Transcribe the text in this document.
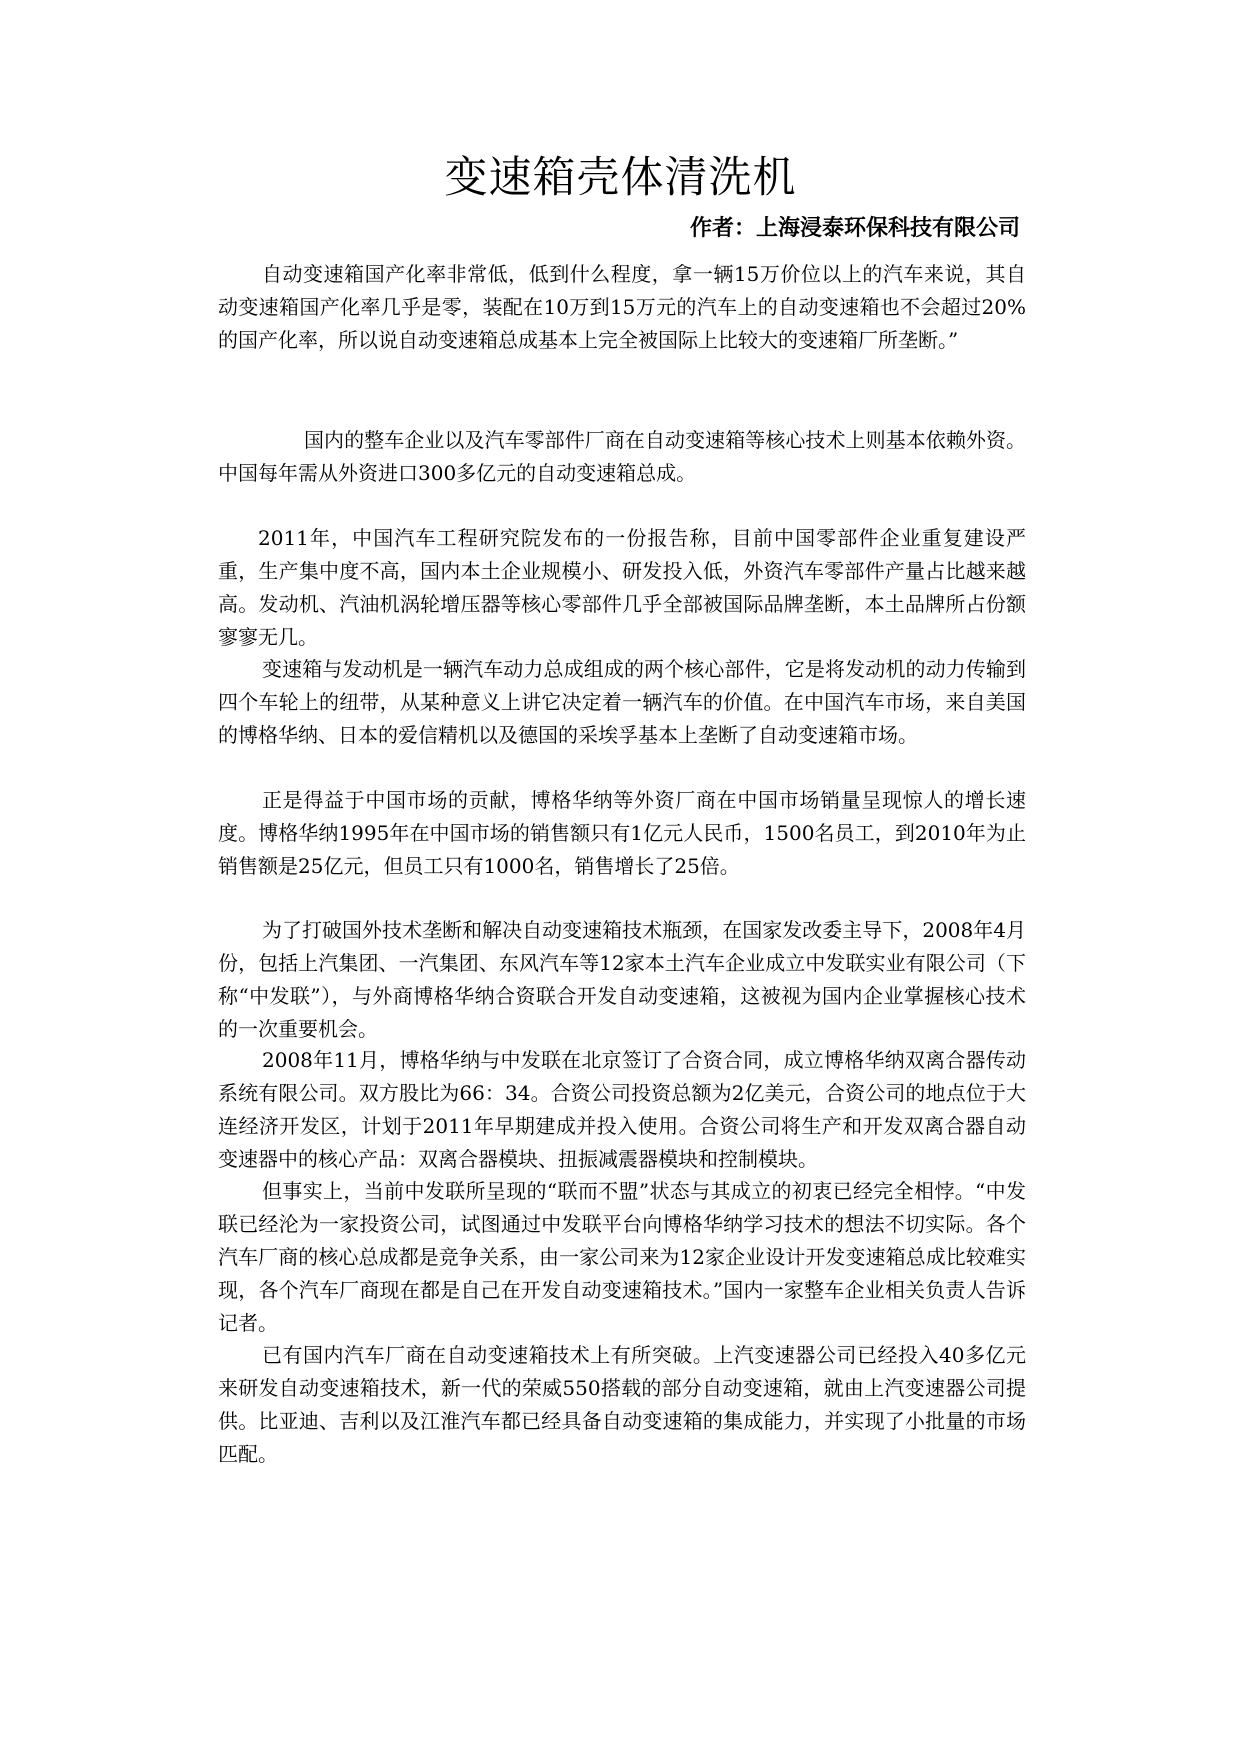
变速箱壳体清洗机

作者：上海浸泰环保科技有限公司

自动变速箱国产化率非常低，低到什么程度，拿一辆15万价位以上的汽车来说，其自动变速箱国产化率几乎是零，装配在10万到15万元的汽车上的自动变速箱也不会超过20%的国产化率，所以说自动变速箱总成基本上完全被国际上比较大的变速箱厂所垄断。”

国内的整车企业以及汽车零部件厂商在自动变速箱等核心技术上则基本依赖外资。中国每年需从外资进口300多亿元的自动变速箱总成。

2011年，中国汽车工程研究院发布的一份报告称，目前中国零部件企业重复建设严重，生产集中度不高，国内本土企业规模小、研发投入低，外资汽车零部件产量占比越来越高。发动机、汽油机涡轮增压器等核心零部件几乎全部被国际品牌垄断，本土品牌所占份额寥寥无几。

变速箱与发动机是一辆汽车动力总成组成的两个核心部件，它是将发动机的动力传输到四个车轮上的纽带，从某种意义上讲它决定着一辆汽车的价值。在中国汽车市场，来自美国的博格华纳、日本的爱信精机以及德国的采埃孚基本上垄断了自动变速箱市场。

正是得益于中国市场的贡献，博格华纳等外资厂商在中国市场销量呈现惊人的增长速度。博格华纳1995年在中国市场的销售额只有1亿元人民币，1500名员工，到2010年为止销售额是25亿元，但员工只有1000名，销售增长了25倍。

为了打破国外技术垄断和解决自动变速箱技术瓶颈，在国家发改委主导下，2008年4月份，包括上汽集团、一汽集团、东风汽车等12家本土汽车企业成立中发联实业有限公司（下称“中发联”），与外商博格华纳合资联合开发自动变速箱，这被视为国内企业掌握核心技术的一次重要机会。

2008年11月，博格华纳与中发联在北京签订了合资合同，成立博格华纳双离合器传动系统有限公司。双方股比为66：34。合资公司投资总额为2亿美元，合资公司的地点位于大连经济开发区，计划于2011年早期建成并投入使用。合资公司将生产和开发双离合器自动变速器中的核心产品：双离合器模块、扭振减震器模块和控制模块。

但事实上，当前中发联所呈现的“联而不盟”状态与其成立的初衷已经完全相悖。“中发联已经沦为一家投资公司，试图通过中发联平台向博格华纳学习技术的想法不切实际。各个汽车厂商的核心总成都是竞争关系，由一家公司来为12家企业设计开发变速箱总成比较难实现，各个汽车厂商现在都是自己在开发自动变速箱技术。”国内一家整车企业相关负责人告诉记者。

已有国内汽车厂商在自动变速箱技术上有所突破。上汽变速器公司已经投入40多亿元来研发自动变速箱技术，新一代的荣威550搭载的部分自动变速箱，就由上汽变速器公司提供。比亚迪、吉利以及江淮汽车都已经具备自动变速箱的集成能力，并实现了小批量的市场匹配。
